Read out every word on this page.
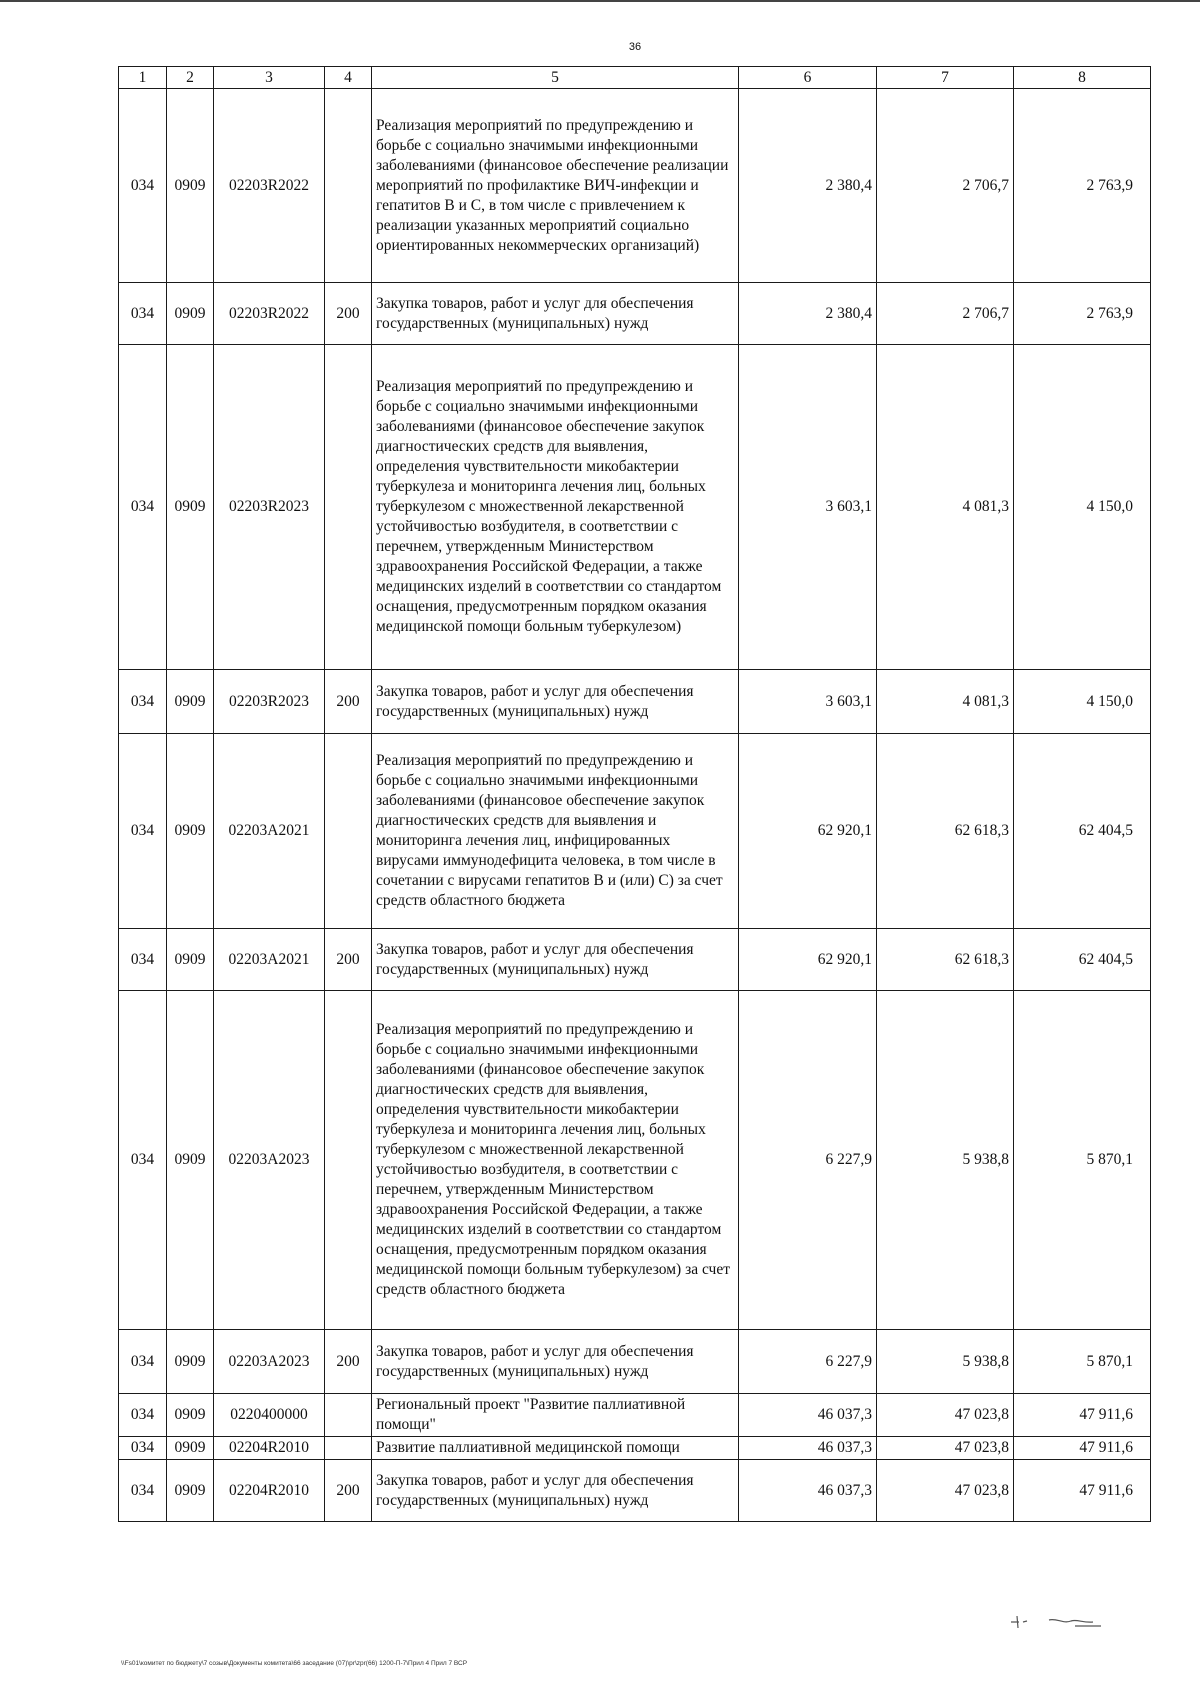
36
1	2	3	4	5	6	7	8
034	0909	02203R2022		Реализация мероприятий по предупреждению и борьбе с социально значимыми инфекционными заболеваниями (финансовое обеспечение реализации мероприятий по профилактике ВИЧ-инфекции и гепатитов В и С, в том числе с привлечением к реализации указанных мероприятий социально ориентированных некоммерческих организаций)	2 380,4	2 706,7	2 763,9
034	0909	02203R2022	200	Закупка товаров, работ и услуг для обеспечения государственных (муниципальных) нужд	2 380,4	2 706,7	2 763,9
034	0909	02203R2023		Реализация мероприятий по предупреждению и борьбе с социально значимыми инфекционными заболеваниями (финансовое обеспечение закупок диагностических средств для выявления, определения чувствительности микобактерии туберкулеза и мониторинга лечения лиц, больных туберкулезом с множественной лекарственной устойчивостью возбудителя, в соответствии с перечнем, утвержденным Министерством здравоохранения Российской Федерации, а также медицинских изделий в соответствии со стандартом оснащения, предусмотренным порядком оказания медицинской помощи больным туберкулезом)	3 603,1	4 081,3	4 150,0
034	0909	02203R2023	200	Закупка товаров, работ и услуг для обеспечения государственных (муниципальных) нужд	3 603,1	4 081,3	4 150,0
034	0909	02203A2021		Реализация мероприятий по предупреждению и борьбе с социально значимыми инфекционными заболеваниями (финансовое обеспечение закупок диагностических средств для выявления и мониторинга лечения лиц, инфицированных вирусами иммунодефицита человека, в том числе в сочетании с вирусами гепатитов В и (или) С) за счет средств областного бюджета	62 920,1	62 618,3	62 404,5
034	0909	02203A2021	200	Закупка товаров, работ и услуг для обеспечения государственных (муниципальных) нужд	62 920,1	62 618,3	62 404,5
034	0909	02203A2023		Реализация мероприятий по предупреждению и борьбе с социально значимыми инфекционными заболеваниями (финансовое обеспечение закупок диагностических средств для выявления, определения чувствительности микобактерии туберкулеза и мониторинга лечения лиц, больных туберкулезом с множественной лекарственной устойчивостью возбудителя, в соответствии с перечнем, утвержденным Министерством здравоохранения Российской Федерации, а также медицинских изделий в соответствии со стандартом оснащения, предусмотренным порядком оказания медицинской помощи больным туберкулезом) за счет средств областного бюджета	6 227,9	5 938,8	5 870,1
034	0909	02203A2023	200	Закупка товаров, работ и услуг для обеспечения государственных (муниципальных) нужд	6 227,9	5 938,8	5 870,1
034	0909	0220400000		Региональный проект "Развитие паллиативной помощи"	46 037,3	47 023,8	47 911,6
034	0909	02204R2010		Развитие паллиативной медицинской помощи	46 037,3	47 023,8	47 911,6
034	0909	02204R2010	200	Закупка товаров, работ и услуг для обеспечения государственных (муниципальных) нужд	46 037,3	47 023,8	47 911,6
\\Fs01\комитет по бюджету\7 созыв\Документы комитета\66 заседание (07)\pr\zpr(66) 1200-П-7\Прил 4 Прил 7 ВСР
